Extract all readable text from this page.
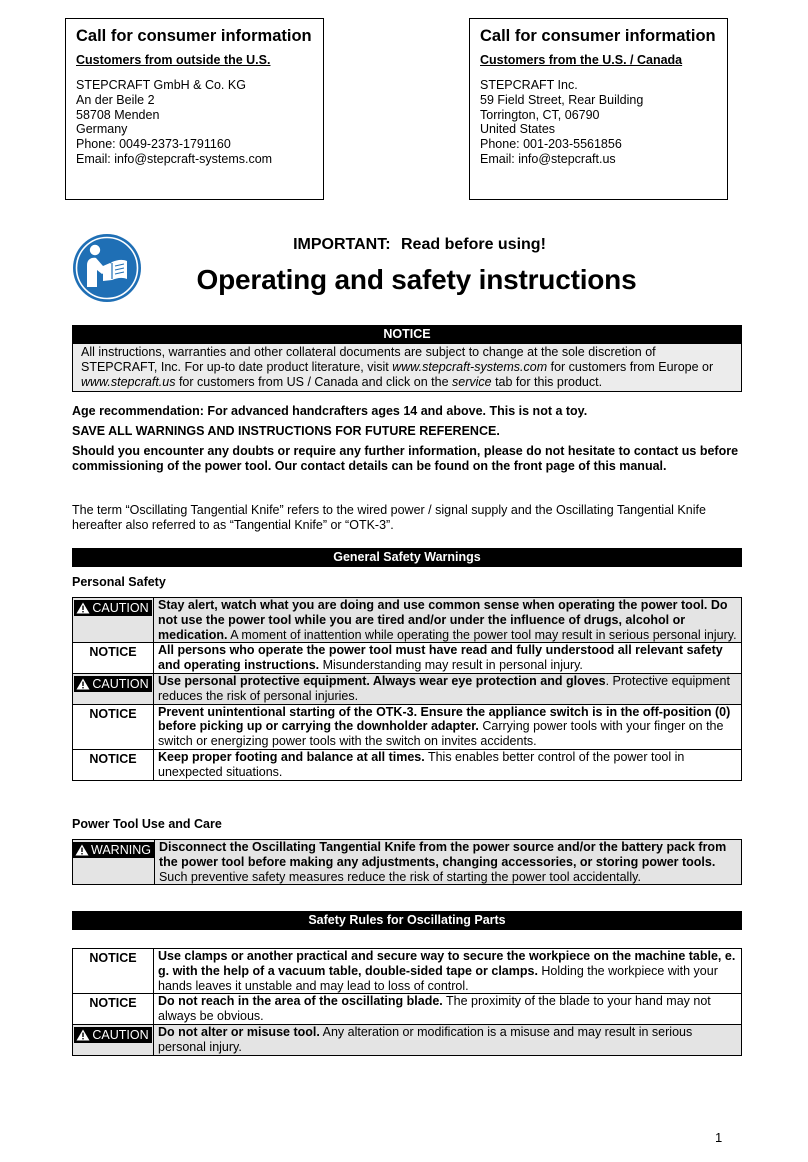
Call for consumer information
Customers from outside the U.S.
STEPCRAFT GmbH & Co. KG
An der Beile 2
58708 Menden
Germany
Phone: 0049-2373-1791160
Email: info@stepcraft-systems.com
Call for consumer information
Customers from the U.S. / Canada
STEPCRAFT Inc.
59 Field Street, Rear Building
Torrington, CT, 06790
United States
Phone: 001-203-5561856
Email: info@stepcraft.us
IMPORTANT: Read before using!
Operating and safety instructions
NOTICE
All instructions, warranties and other collateral documents are subject to change at the sole discretion of STEPCRAFT, Inc. For up-to date product literature, visit www.stepcraft-systems.com for customers from Europe or www.stepcraft.us for customers from US / Canada and click on the service tab for this product.
Age recommendation: For advanced handcrafters ages 14 and above. This is not a toy.
SAVE ALL WARNINGS AND INSTRUCTIONS FOR FUTURE REFERENCE.
Should you encounter any doubts or require any further information, please do not hesitate to contact us before commissioning of the power tool. Our contact details can be found on the front page of this manual.
The term “Oscillating Tangential Knife” refers to the wired power / signal supply and the Oscillating Tangential Knife hereafter also referred to as “Tangential Knife” or “OTK-3”.
General Safety Warnings
Personal Safety
CAUTION	Stay alert, watch what you are doing and use common sense when operating the power tool. Do not use the power tool while you are tired and/or under the influence of drugs, alcohol or medication. A moment of inattention while operating the power tool may result in serious personal injury.
NOTICE	All persons who operate the power tool must have read and fully understood all relevant safety and operating instructions. Misunderstanding may result in personal injury.
CAUTION	Use personal protective equipment. Always wear eye protection and gloves. Protective equipment reduces the risk of personal injuries.
NOTICE	Prevent unintentional starting of the OTK-3. Ensure the appliance switch is in the off-position (0) before picking up or carrying the downholder adapter. Carrying power tools with your finger on the switch or energizing power tools with the switch on invites accidents.
NOTICE	Keep proper footing and balance at all times. This enables better control of the power tool in unexpected situations.
Power Tool Use and Care
WARNING	Disconnect the Oscillating Tangential Knife from the power source and/or the battery pack from the power tool before making any adjustments, changing accessories, or storing power tools. Such preventive safety measures reduce the risk of starting the power tool accidentally.
Safety Rules for Oscillating Parts
NOTICE	Use clamps or another practical and secure way to secure the workpiece on the machine table, e. g. with the help of a vacuum table, double-sided tape or clamps. Holding the workpiece with your hands leaves it unstable and may lead to loss of control.
NOTICE	Do not reach in the area of the oscillating blade. The proximity of the blade to your hand may not always be obvious.
CAUTION	Do not alter or misuse tool. Any alteration or modification is a misuse and may result in serious personal injury.
1
